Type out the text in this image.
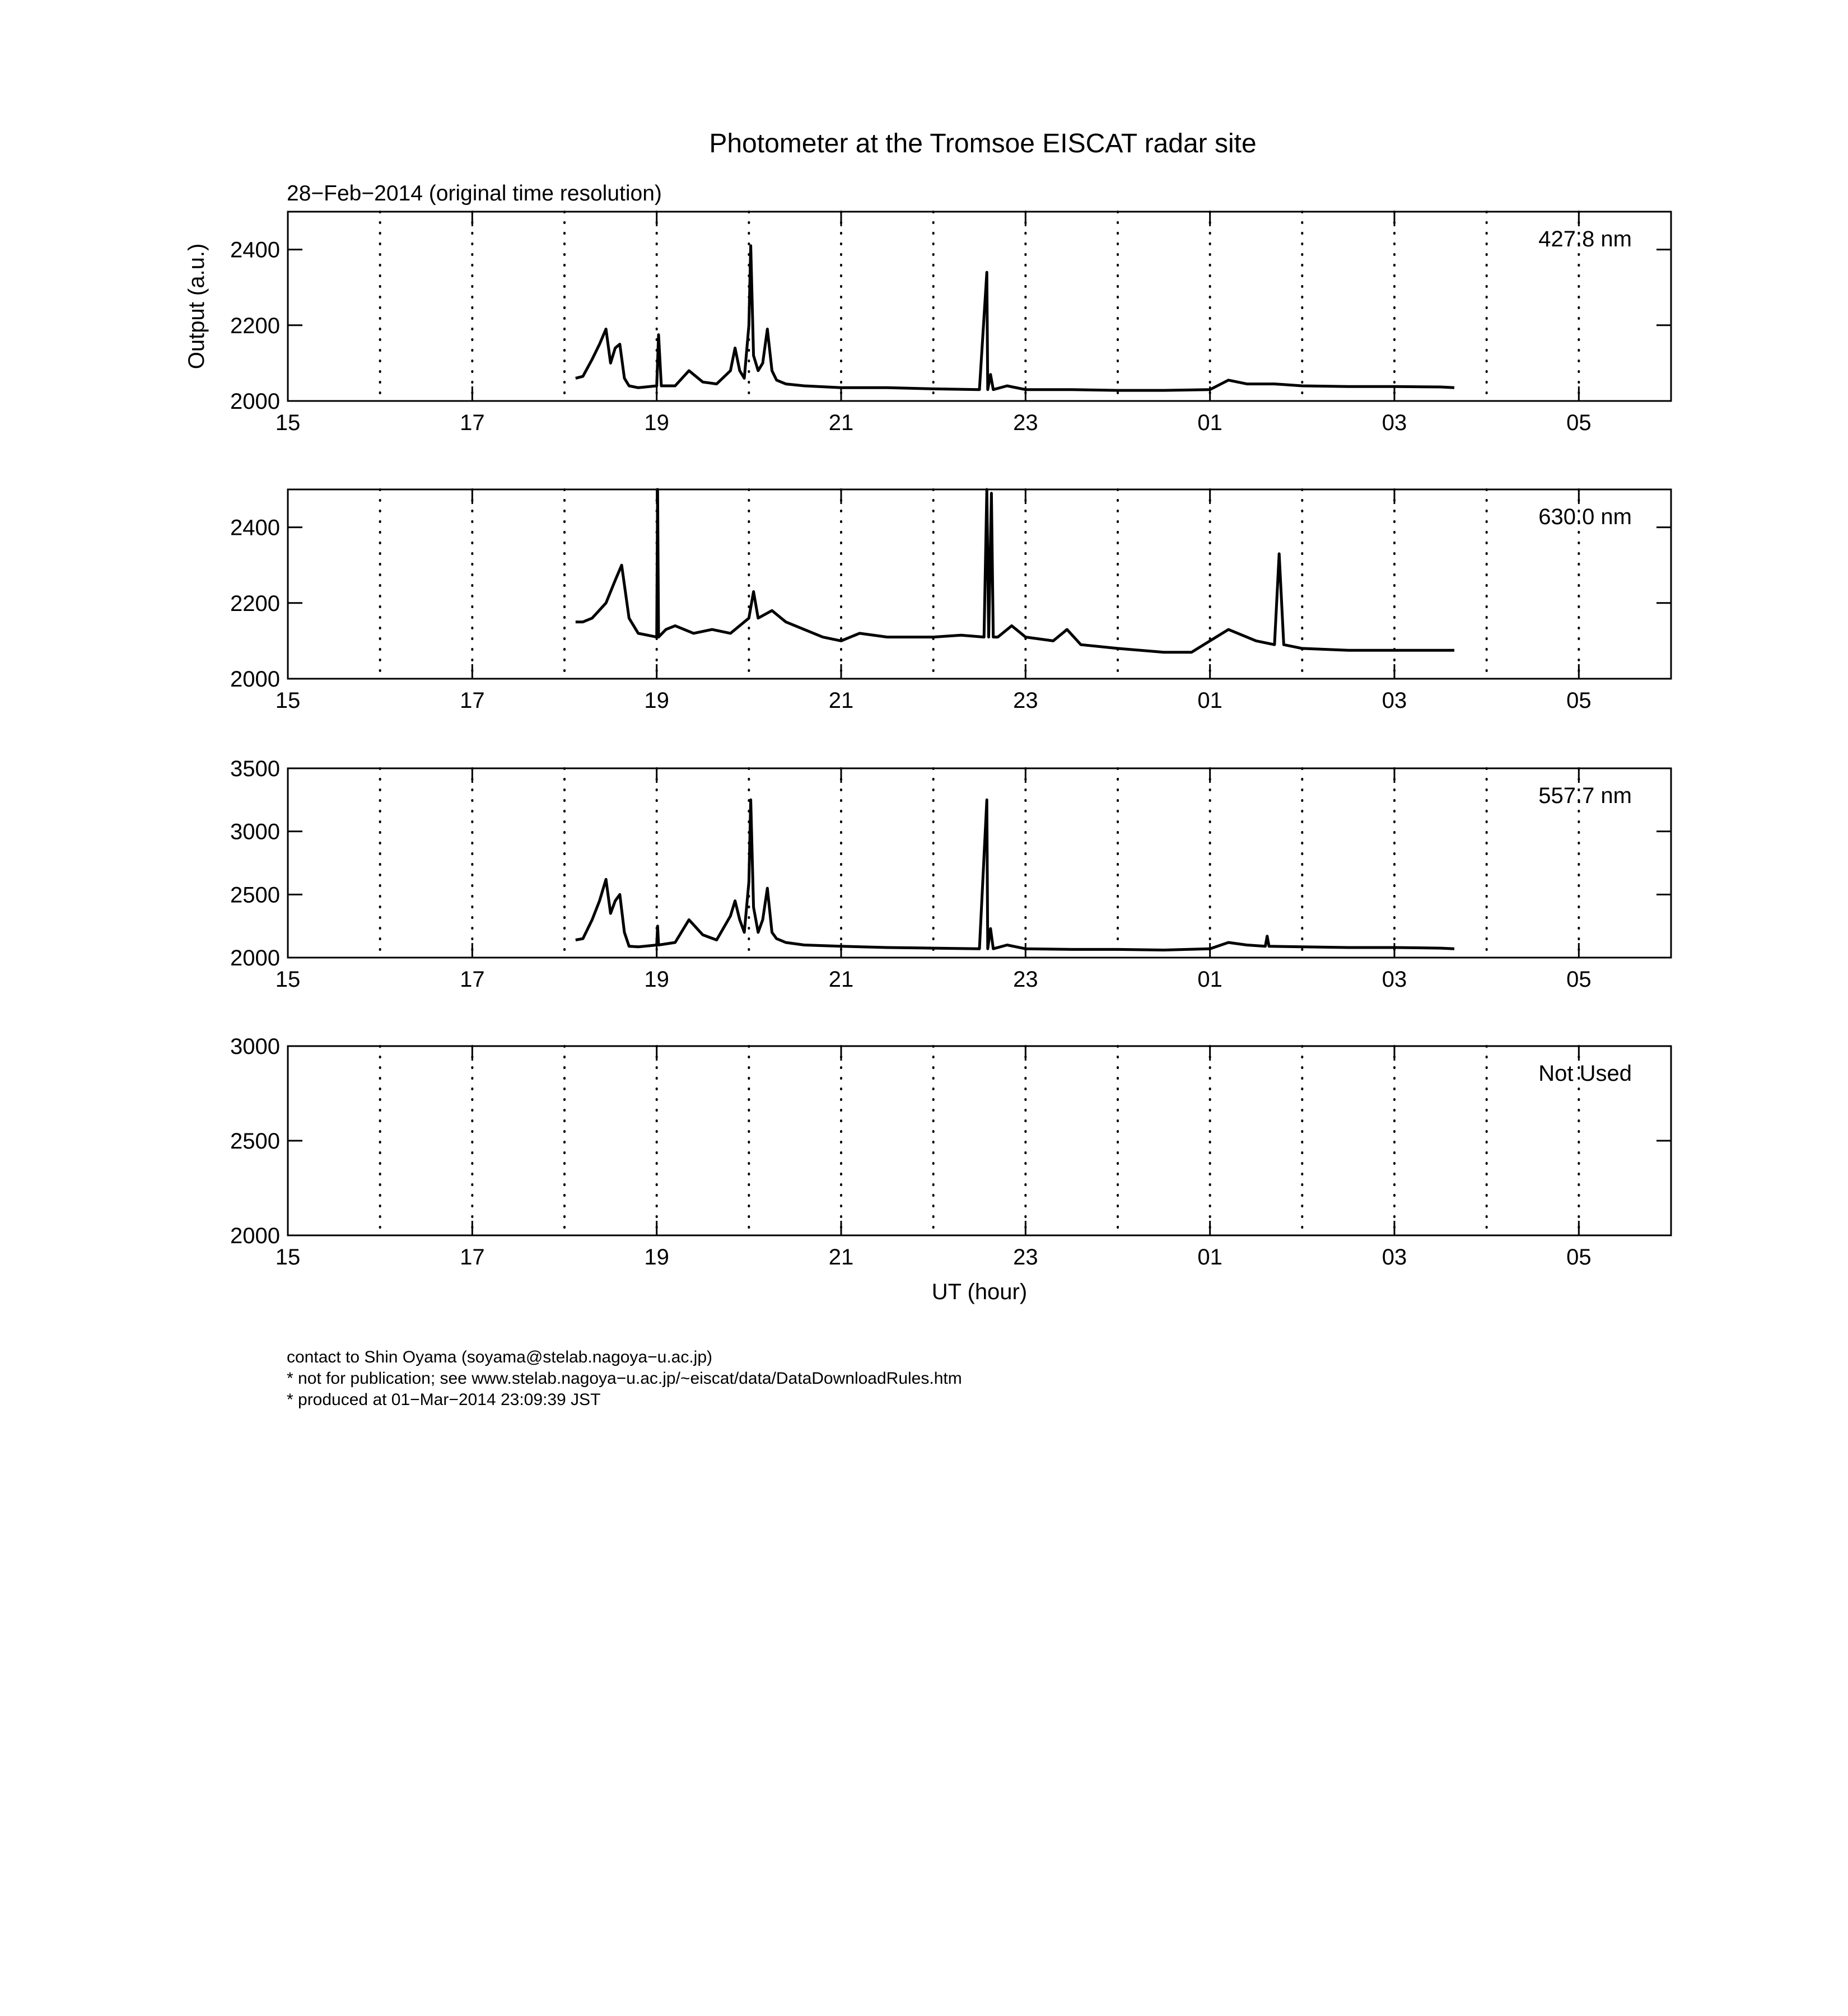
Photometer at the Tromsoe EISCAT radar site
28−Feb−2014 (original time resolution)
15	17	19	21	23	01	03	05
2000
2200
2400	427.8 nm
Output (a.u.)
15	17	19	21	23	01	03	05
2000
2200
2400	630.0 nm
15	17	19	21	23	01	03	05
2000
2500
3000
3500
557.7 nm
15	17	19	21	23	01	03	05
2000
2500
3000
Not Used
UT (hour)
contact to Shin Oyama (soyama@stelab.nagoya−u.ac.jp)
* not for publication; see www.stelab.nagoya−u.ac.jp/~eiscat/data/DataDownloadRules.htm
* produced at 01−Mar−2014 23:09:39 JST
